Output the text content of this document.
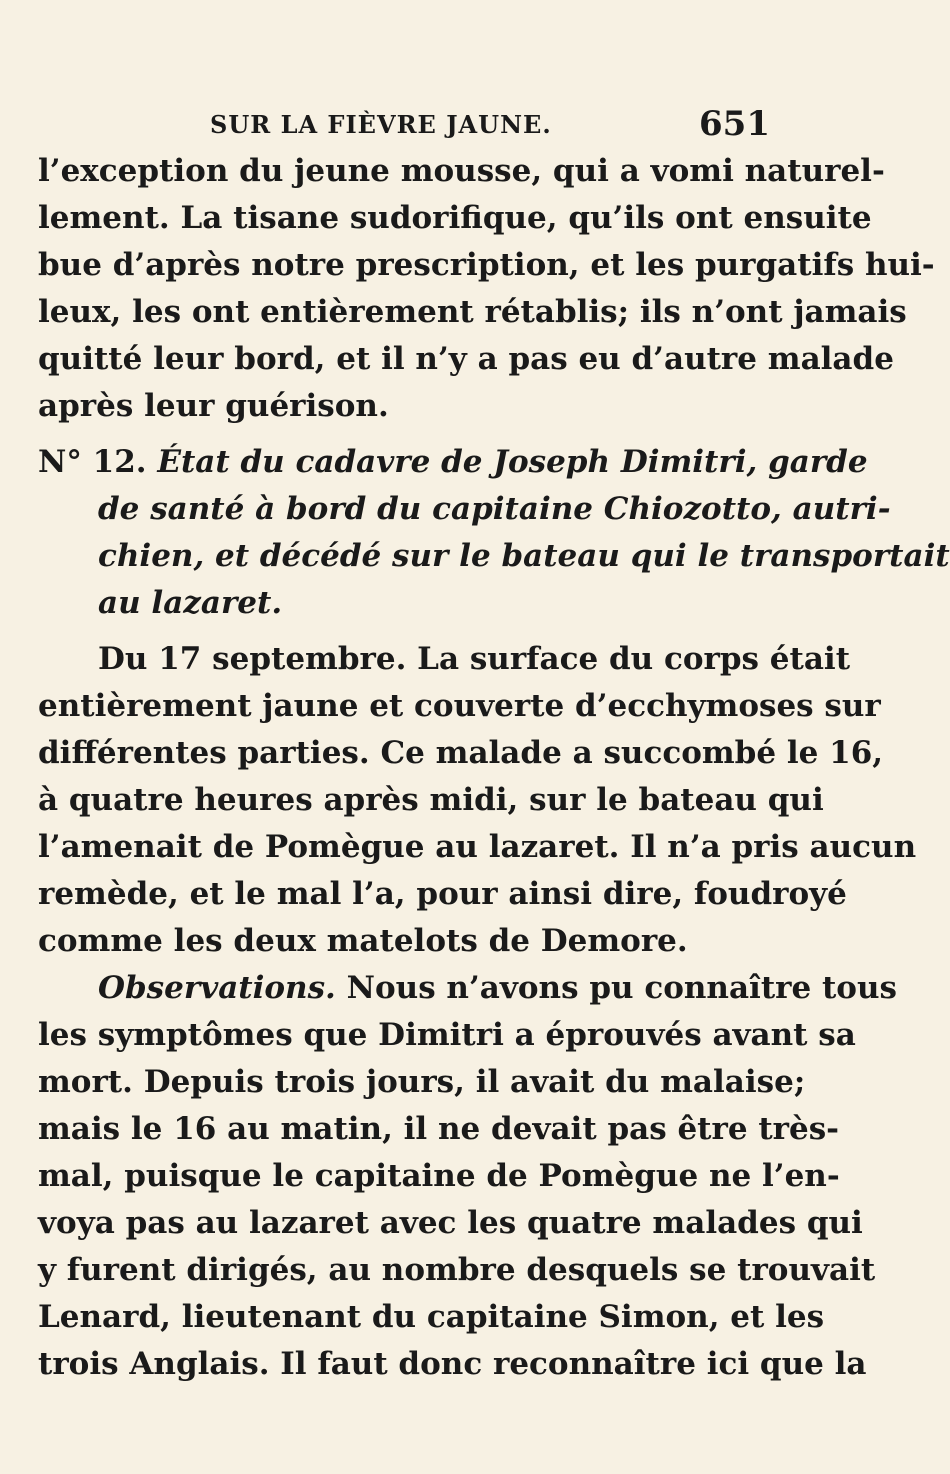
SUR LA FIÈVRE JAUNE.	651
l’exception du jeune mousse, qui a vomi naturel-
lement. La tisane sudorifique, qu’ils ont ensuite
bue d’après notre prescription, et les purgatifs hui-
leux, les ont entièrement rétablis; ils n’ont jamais
quitté leur bord, et il n’y a pas eu d’autre malade
après leur guérison.
N° 12. État du cadavre de Joseph Dimitri, garde
de santé à bord du capitaine Chiozotto, autri-
chien, et décédé sur le bateau qui le transportait
au lazaret.
Du 17 septembre. La surface du corps était
entièrement jaune et couverte d’ecchymoses sur
différentes parties. Ce malade a succombé le 16,
à quatre heures après midi, sur le bateau qui
l’amenait de Pomègue au lazaret. Il n’a pris aucun
remède, et le mal l’a, pour ainsi dire, foudroyé
comme les deux matelots de Demore.
Observations. Nous n’avons pu connaître tous
les symptômes que Dimitri a éprouvés avant sa
mort. Depuis trois jours, il avait du malaise;
mais le 16 au matin, il ne devait pas être très-
mal, puisque le capitaine de Pomègue ne l’en-
voya pas au lazaret avec les quatre malades qui
y furent dirigés, au nombre desquels se trouvait
Lenard, lieutenant du capitaine Simon, et les
trois Anglais. Il faut donc reconnaître ici que la
